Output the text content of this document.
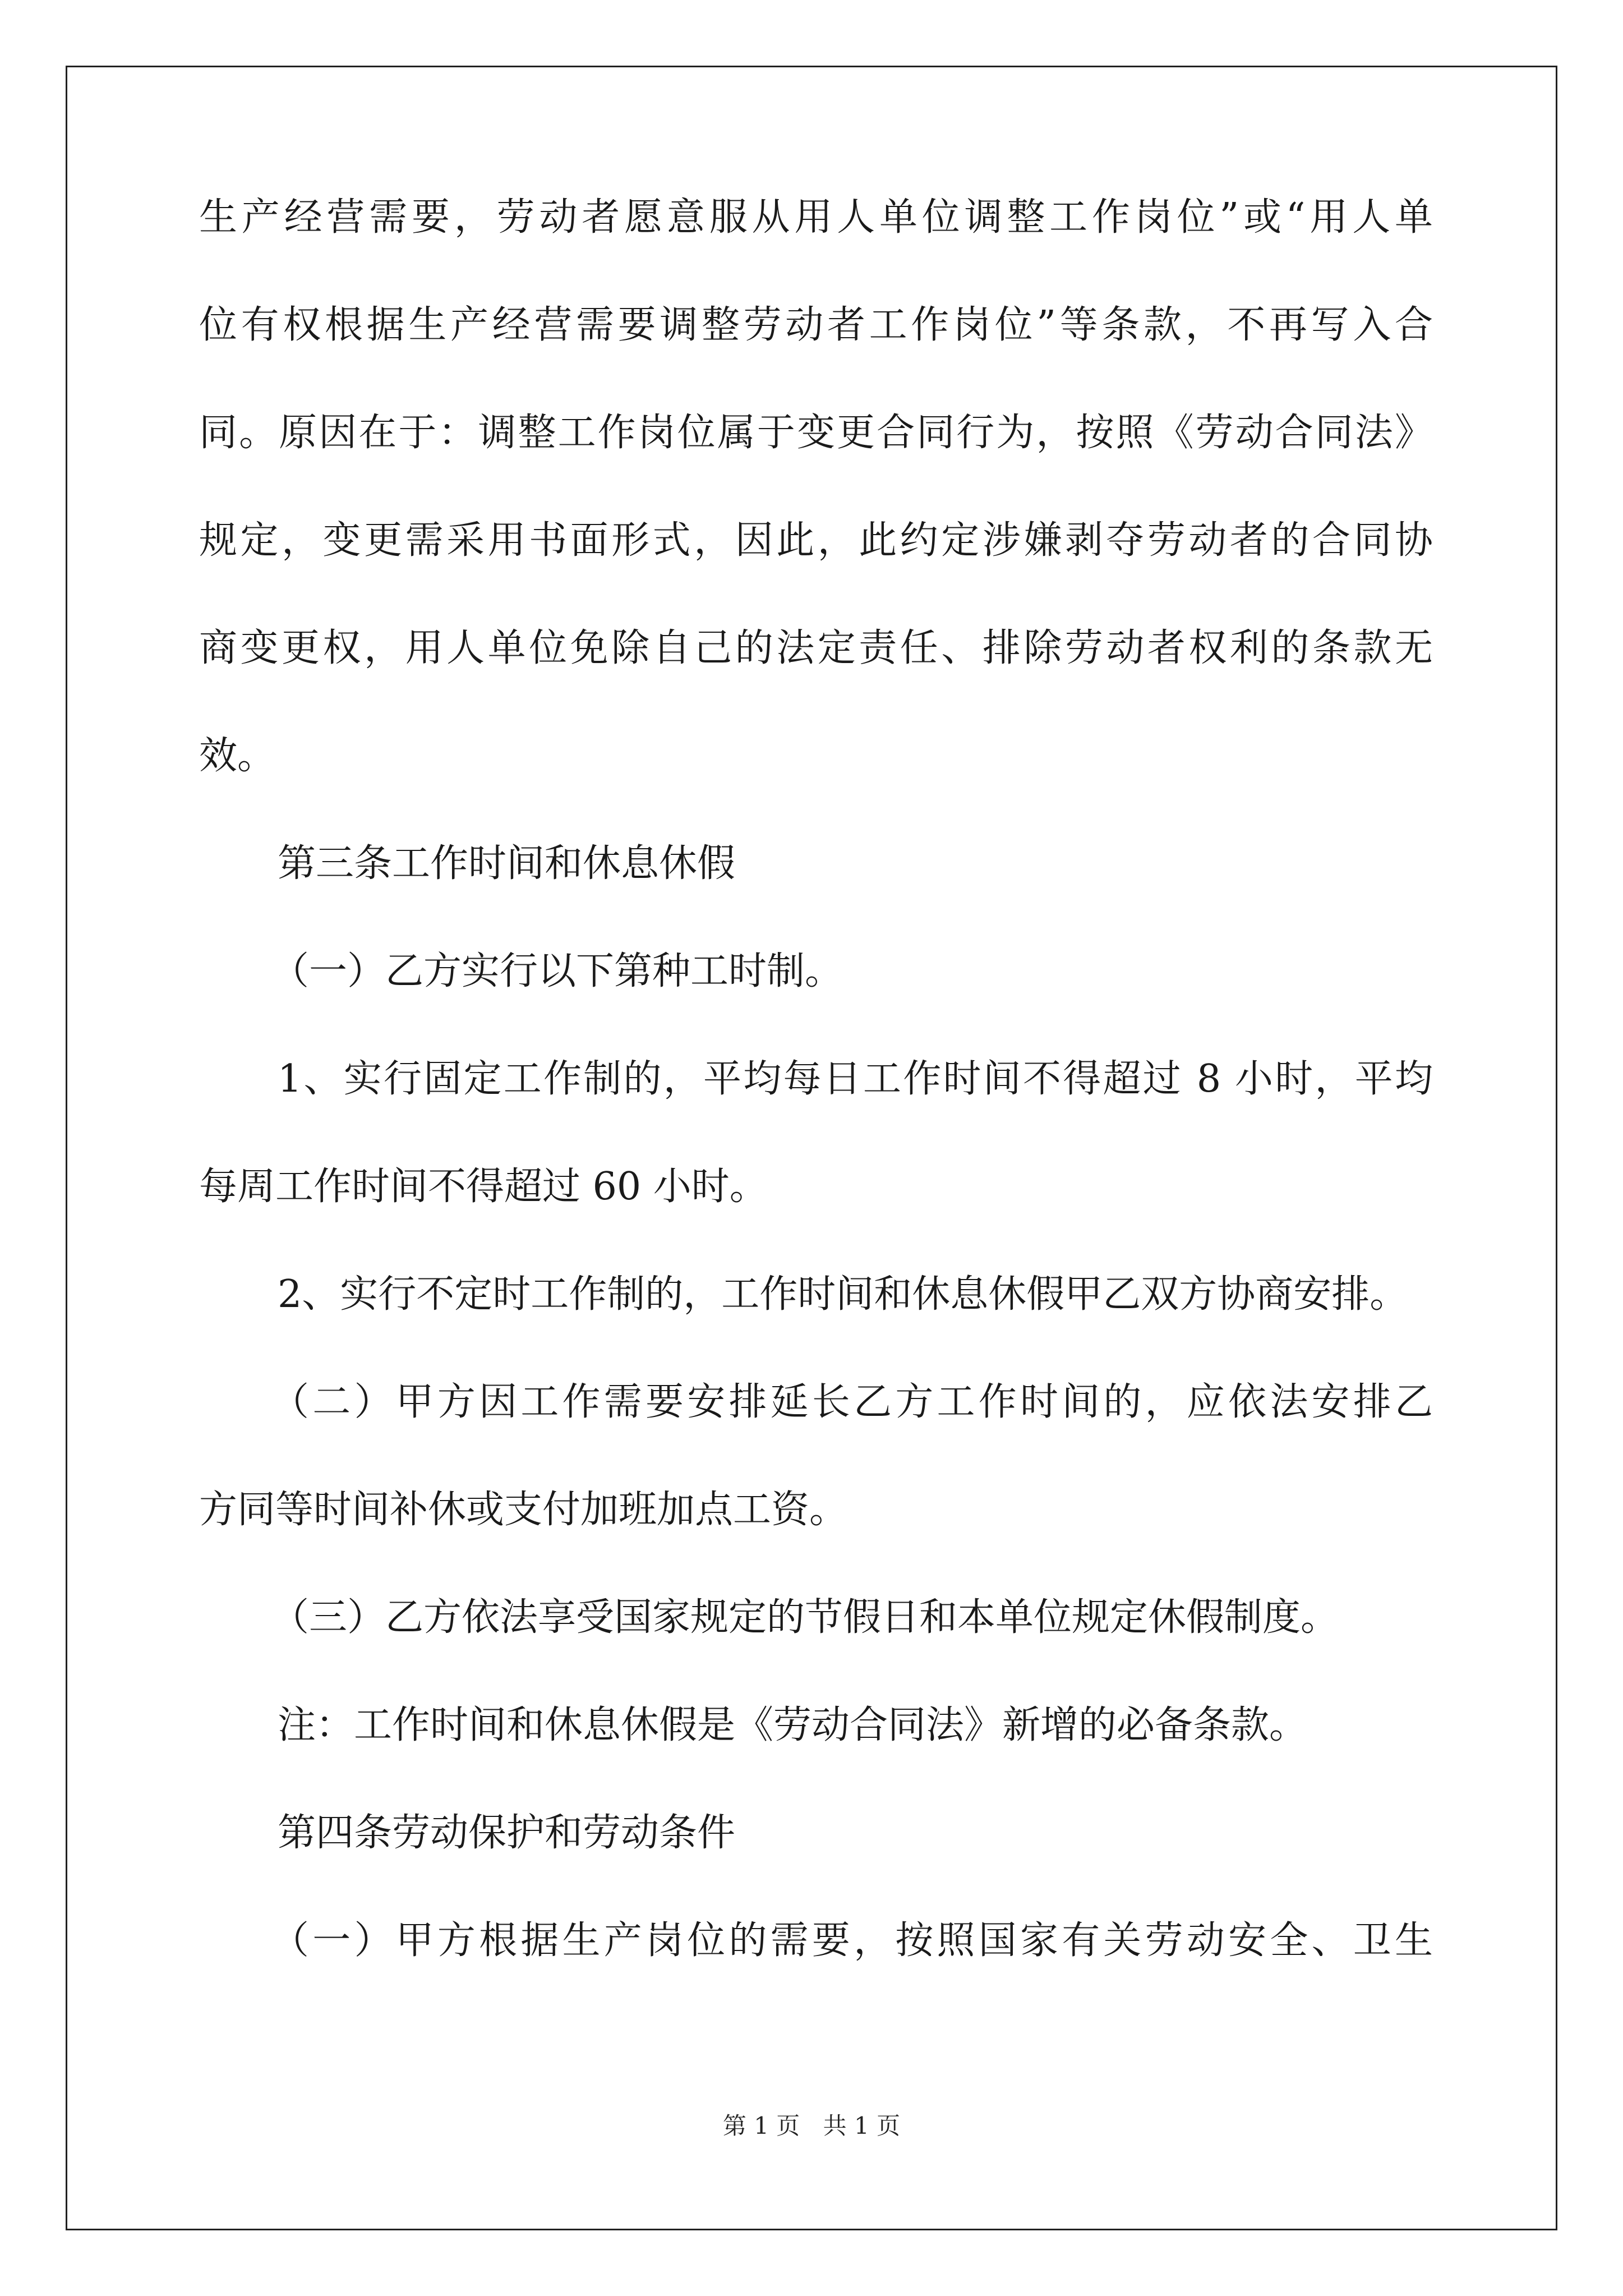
生产经营需要，劳动者愿意服从用人单位调整工作岗位”或“用人单
位有权根据生产经营需要调整劳动者工作岗位”等条款，不再写入合
同。原因在于：调整工作岗位属于变更合同行为，按照《劳动合同法》
规定，变更需采用书面形式，因此，此约定涉嫌剥夺劳动者的合同协
商变更权，用人单位免除自己的法定责任、排除劳动者权利的条款无
效。
第三条工作时间和休息休假
（一）乙方实行以下第种工时制。
1、实行固定工作制的，平均每日工作时间不得超过 8 小时，平均
每周工作时间不得超过 60 小时。
2、实行不定时工作制的，工作时间和休息休假甲乙双方协商安排。
（二）甲方因工作需要安排延长乙方工作时间的，应依法安排乙
方同等时间补休或支付加班加点工资。
（三）乙方依法享受国家规定的节假日和本单位规定休假制度。
注：工作时间和休息休假是《劳动合同法》新增的必备条款。
第四条劳动保护和劳动条件
（一）甲方根据生产岗位的需要，按照国家有关劳动安全、卫生
第 1 页 共 1 页
